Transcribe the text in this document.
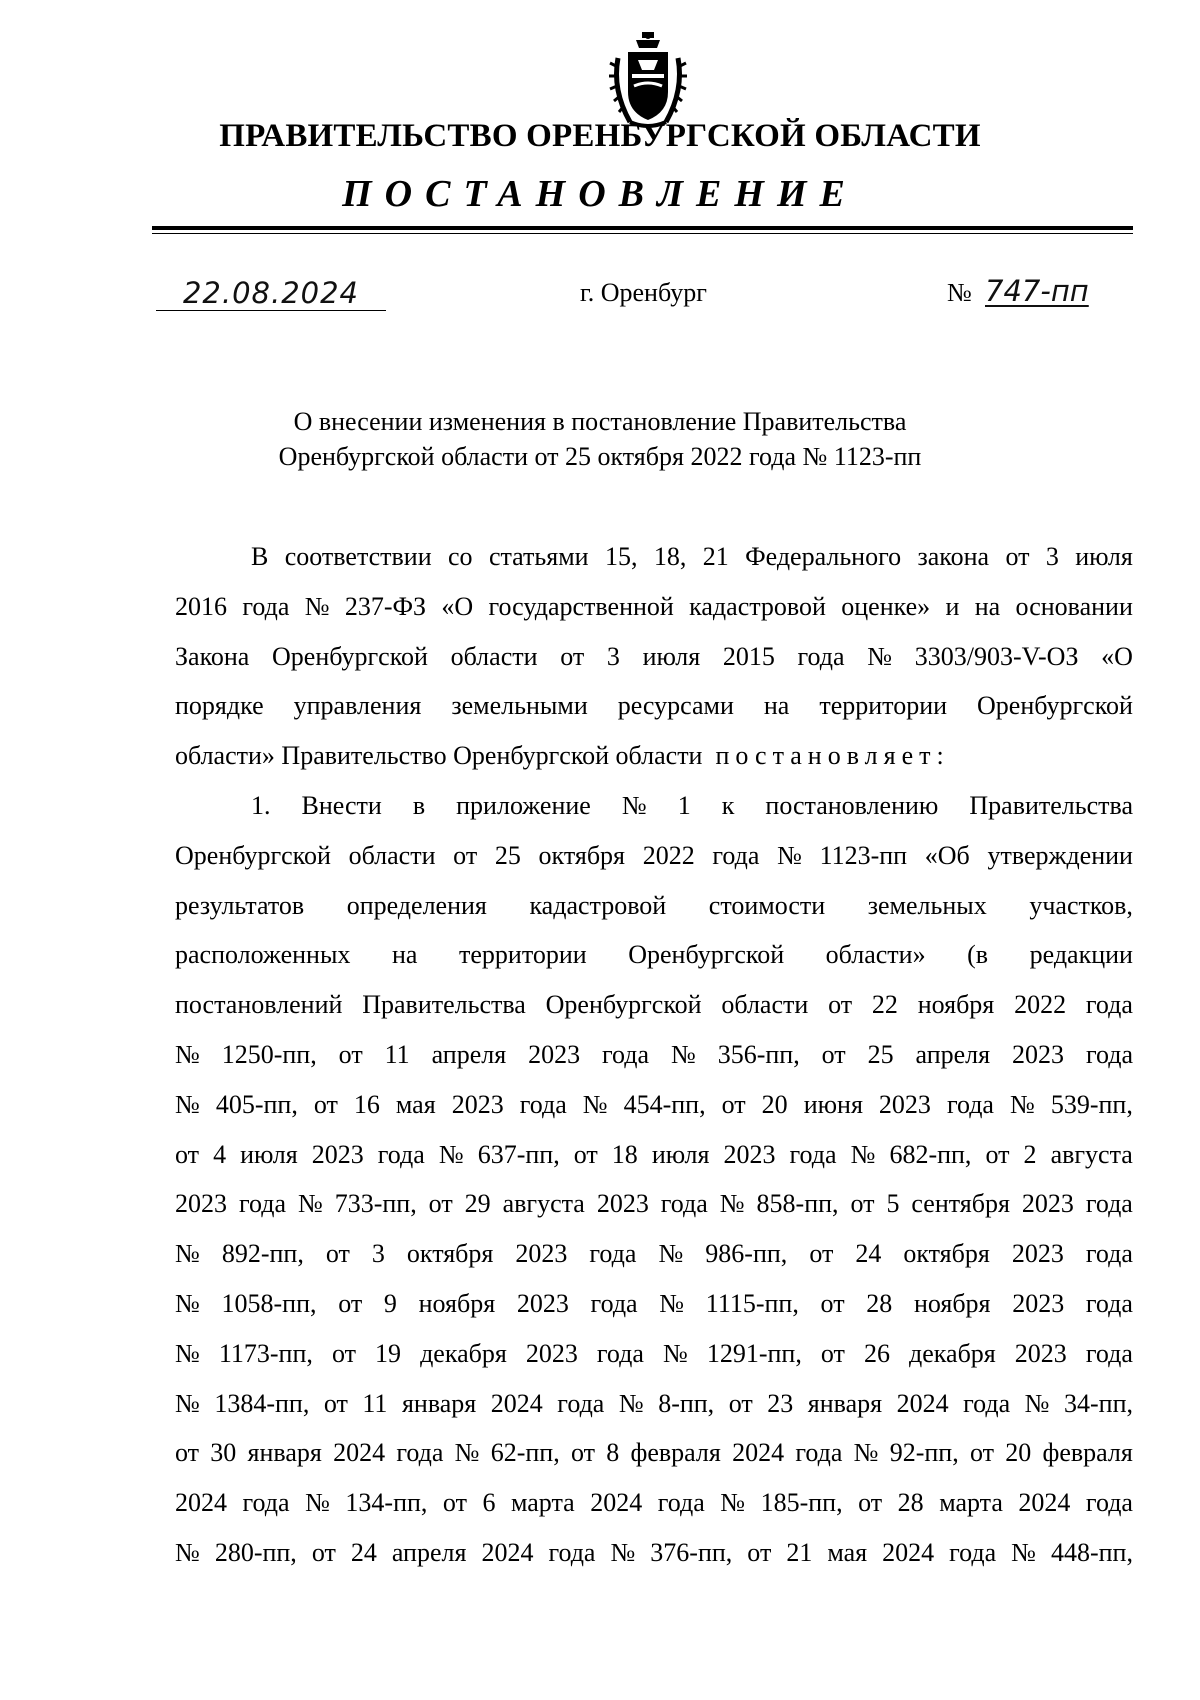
ПРАВИТЕЛЬСТВО ОРЕНБУРГСКОЙ ОБЛАСТИ
ПОСТАНОВЛЕНИЕ
22.08.2024	г. Оренбург	№ 747-пп
О внесении изменения в постановление Правительства
Оренбургской области от 25 октября 2022 года № 1123-пп
В соответствии со статьями 15, 18, 21 Федерального закона от 3 июля
2016 года № 237-ФЗ «О государственной кадастровой оценке» и на основании
Закона Оренбургской области от 3 июля 2015 года № 3303/903-V-ОЗ «О
порядке управления земельными ресурсами на территории Оренбургской
области» Правительство Оренбургской области постановляет:
1. Внести в приложение № 1 к постановлению Правительства
Оренбургской области от 25 октября 2022 года № 1123-пп «Об утверждении
результатов определения кадастровой стоимости земельных участков,
расположенных на территории Оренбургской области» (в редакции
постановлений Правительства Оренбургской области от 22 ноября 2022 года
№ 1250-пп, от 11 апреля 2023 года № 356-пп, от 25 апреля 2023 года
№ 405-пп, от 16 мая 2023 года № 454-пп, от 20 июня 2023 года № 539-пп,
от 4 июля 2023 года № 637-пп, от 18 июля 2023 года № 682-пп, от 2 августа
2023 года № 733-пп, от 29 августа 2023 года № 858-пп, от 5 сентября 2023 года
№ 892-пп, от 3 октября 2023 года № 986-пп, от 24 октября 2023 года
№ 1058-пп, от 9 ноября 2023 года № 1115-пп, от 28 ноября 2023 года
№ 1173-пп, от 19 декабря 2023 года № 1291-пп, от 26 декабря 2023 года
№ 1384-пп, от 11 января 2024 года № 8-пп, от 23 января 2024 года № 34-пп,
от 30 января 2024 года № 62-пп, от 8 февраля 2024 года № 92-пп, от 20 февраля
2024 года № 134-пп, от 6 марта 2024 года № 185-пп, от 28 марта 2024 года
№ 280-пп, от 24 апреля 2024 года № 376-пп, от 21 мая 2024 года № 448-пп,
